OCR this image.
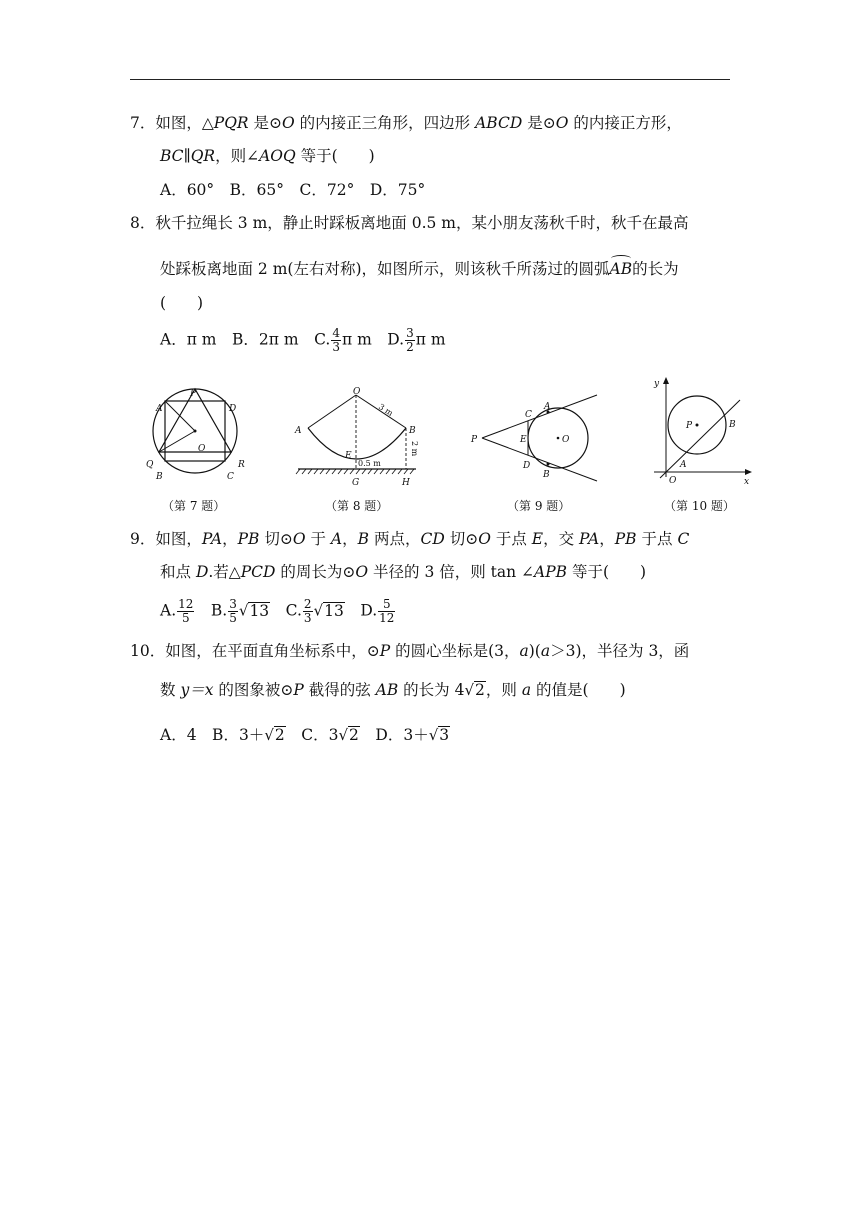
7．如图，△PQR 是⊙O 的内接正三角形，四边形 ABCD 是⊙O 的内接正方形，
BC∥QR，则∠AOQ 等于(　　)
A．60°　B．65°　C．72°　D．75°
8．秋千拉绳长 3 m，静止时踩板离地面 0.5 m，某小朋友荡秋千时，秋千在最高
处踩板离地面 2 m(左右对称)，如图所示，则该秋千所荡过的圆弧AB的长为
(　　)
A．π m　B．2π m　C. $\frac{4}{3}$ π m　D. $\frac{3}{2}$ π m
P
A	D
O
Q	R
B	C
（第 7 题）
O
3 m
A	B
E	2 m
0.5 m
G	H
（第 8 题）
P
C
A
E	O
D
B
（第 9 题）
y
P	B
A
O	x
（第 10 题）
9．如图，PA，PB 切⊙O 于 A，B 两点，CD 切⊙O 于点 E，交 PA，PB 于点 C
和点 D.若△PCD 的周长为⊙O 半径的 3 倍，则 tan ∠APB 等于(　　)
A. $\frac{12}{5}$ 　B. $\frac{3}{5} √13$　C. $\frac{2}{3} √13$　D. $\frac{5}{12}$
10．如图，在平面直角坐标系中，⊙P 的圆心坐标是(3，a)(a＞3)，半径为 3，函
数 y＝x 的图象被⊙P 截得的弦 AB 的长为 4√2，则 a 的值是(　　)
A．4　B．3＋√2　C．3√2　D．3＋√3
